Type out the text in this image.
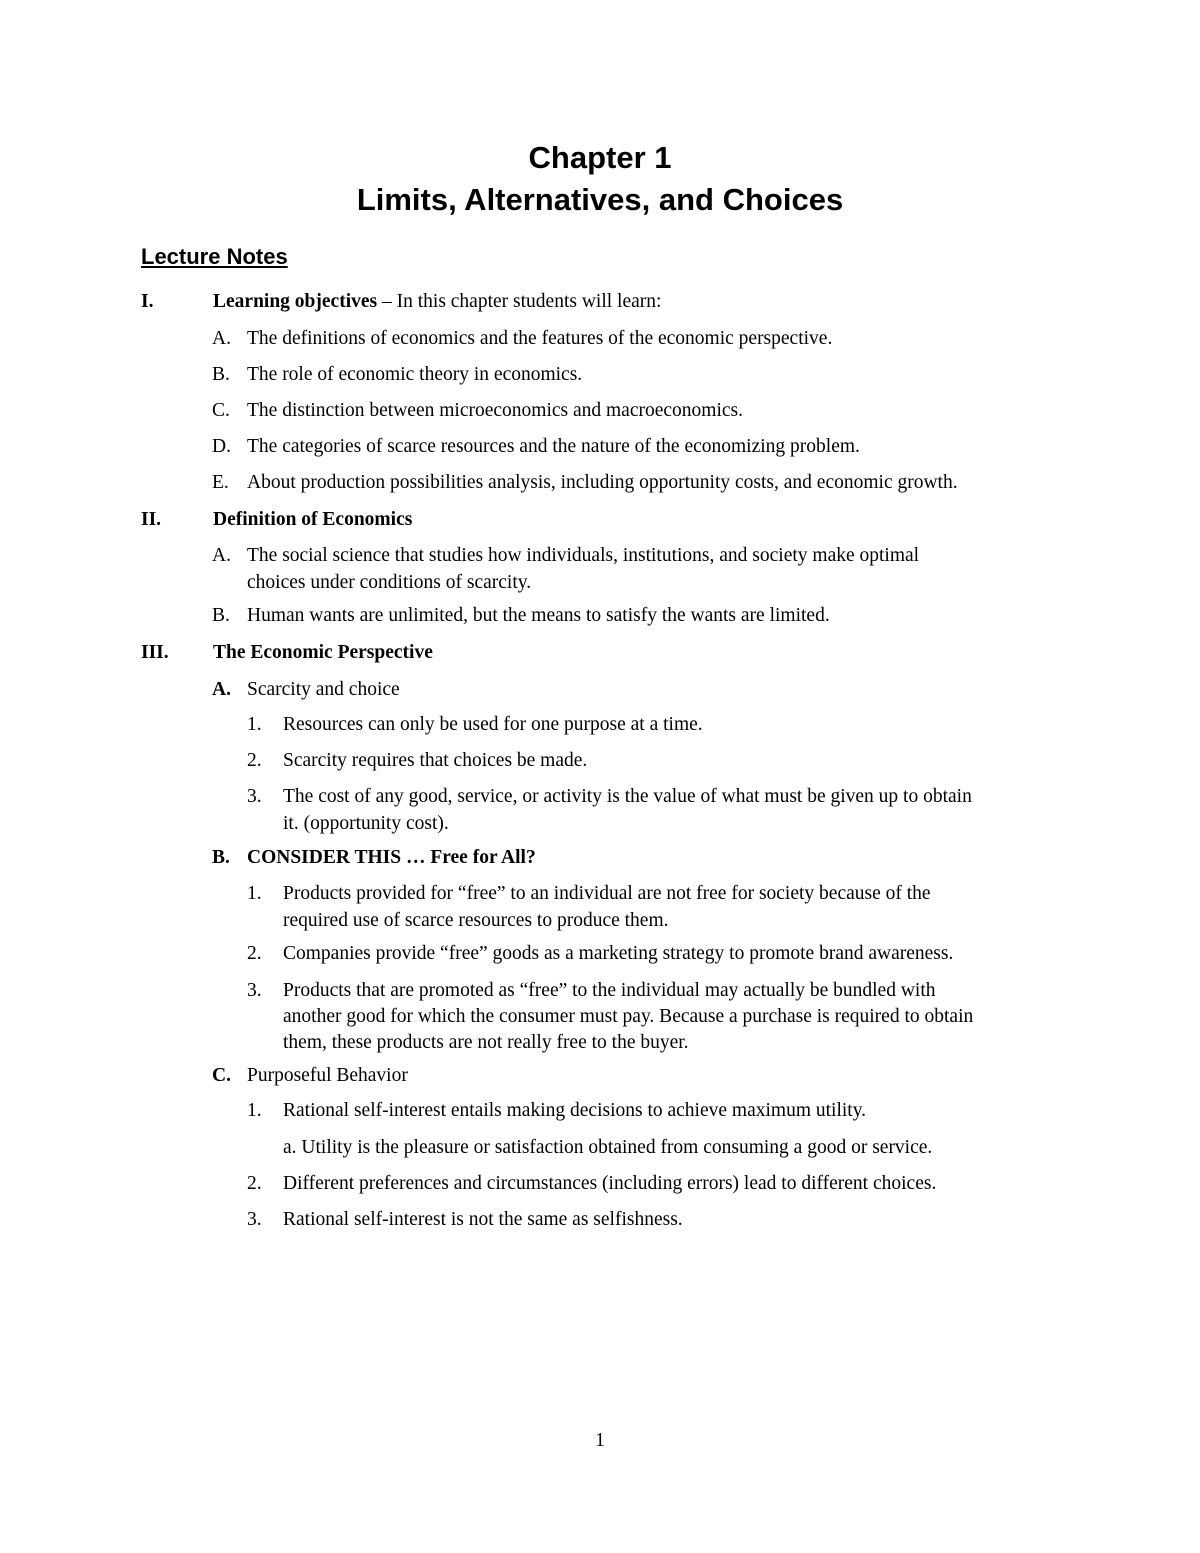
Chapter 1
Limits, Alternatives, and Choices
Lecture Notes
I.	Learning objectives – In this chapter students will learn:
A. The definitions of economics and the features of the economic perspective.
B. The role of economic theory in economics.
C. The distinction between microeconomics and macroeconomics.
D. The categories of scarce resources and the nature of the economizing problem.
E. About production possibilities analysis, including opportunity costs, and economic growth.
II.	Definition of Economics
A. The social science that studies how individuals, institutions, and society make optimal
choices under conditions of scarcity.
B. Human wants are unlimited, but the means to satisfy the wants are limited.
III. The Economic Perspective
A. Scarcity and choice
1. Resources can only be used for one purpose at a time.
2. Scarcity requires that choices be made.
3. The cost of any good, service, or activity is the value of what must be given up to obtain
it. (opportunity cost).
B. CONSIDER THIS … Free for All?
1. Products provided for “free” to an individual are not free for society because of the
required use of scarce resources to produce them.
2. Companies provide “free” goods as a marketing strategy to promote brand awareness.
3. Products that are promoted as “free” to the individual may actually be bundled with
another good for which the consumer must pay. Because a purchase is required to obtain
them, these products are not really free to the buyer.
C. Purposeful Behavior
1. Rational self-interest entails making decisions to achieve maximum utility.
a. Utility is the pleasure or satisfaction obtained from consuming a good or service.
2. Different preferences and circumstances (including errors) lead to different choices.
3. Rational self-interest is not the same as selfishness.
1
